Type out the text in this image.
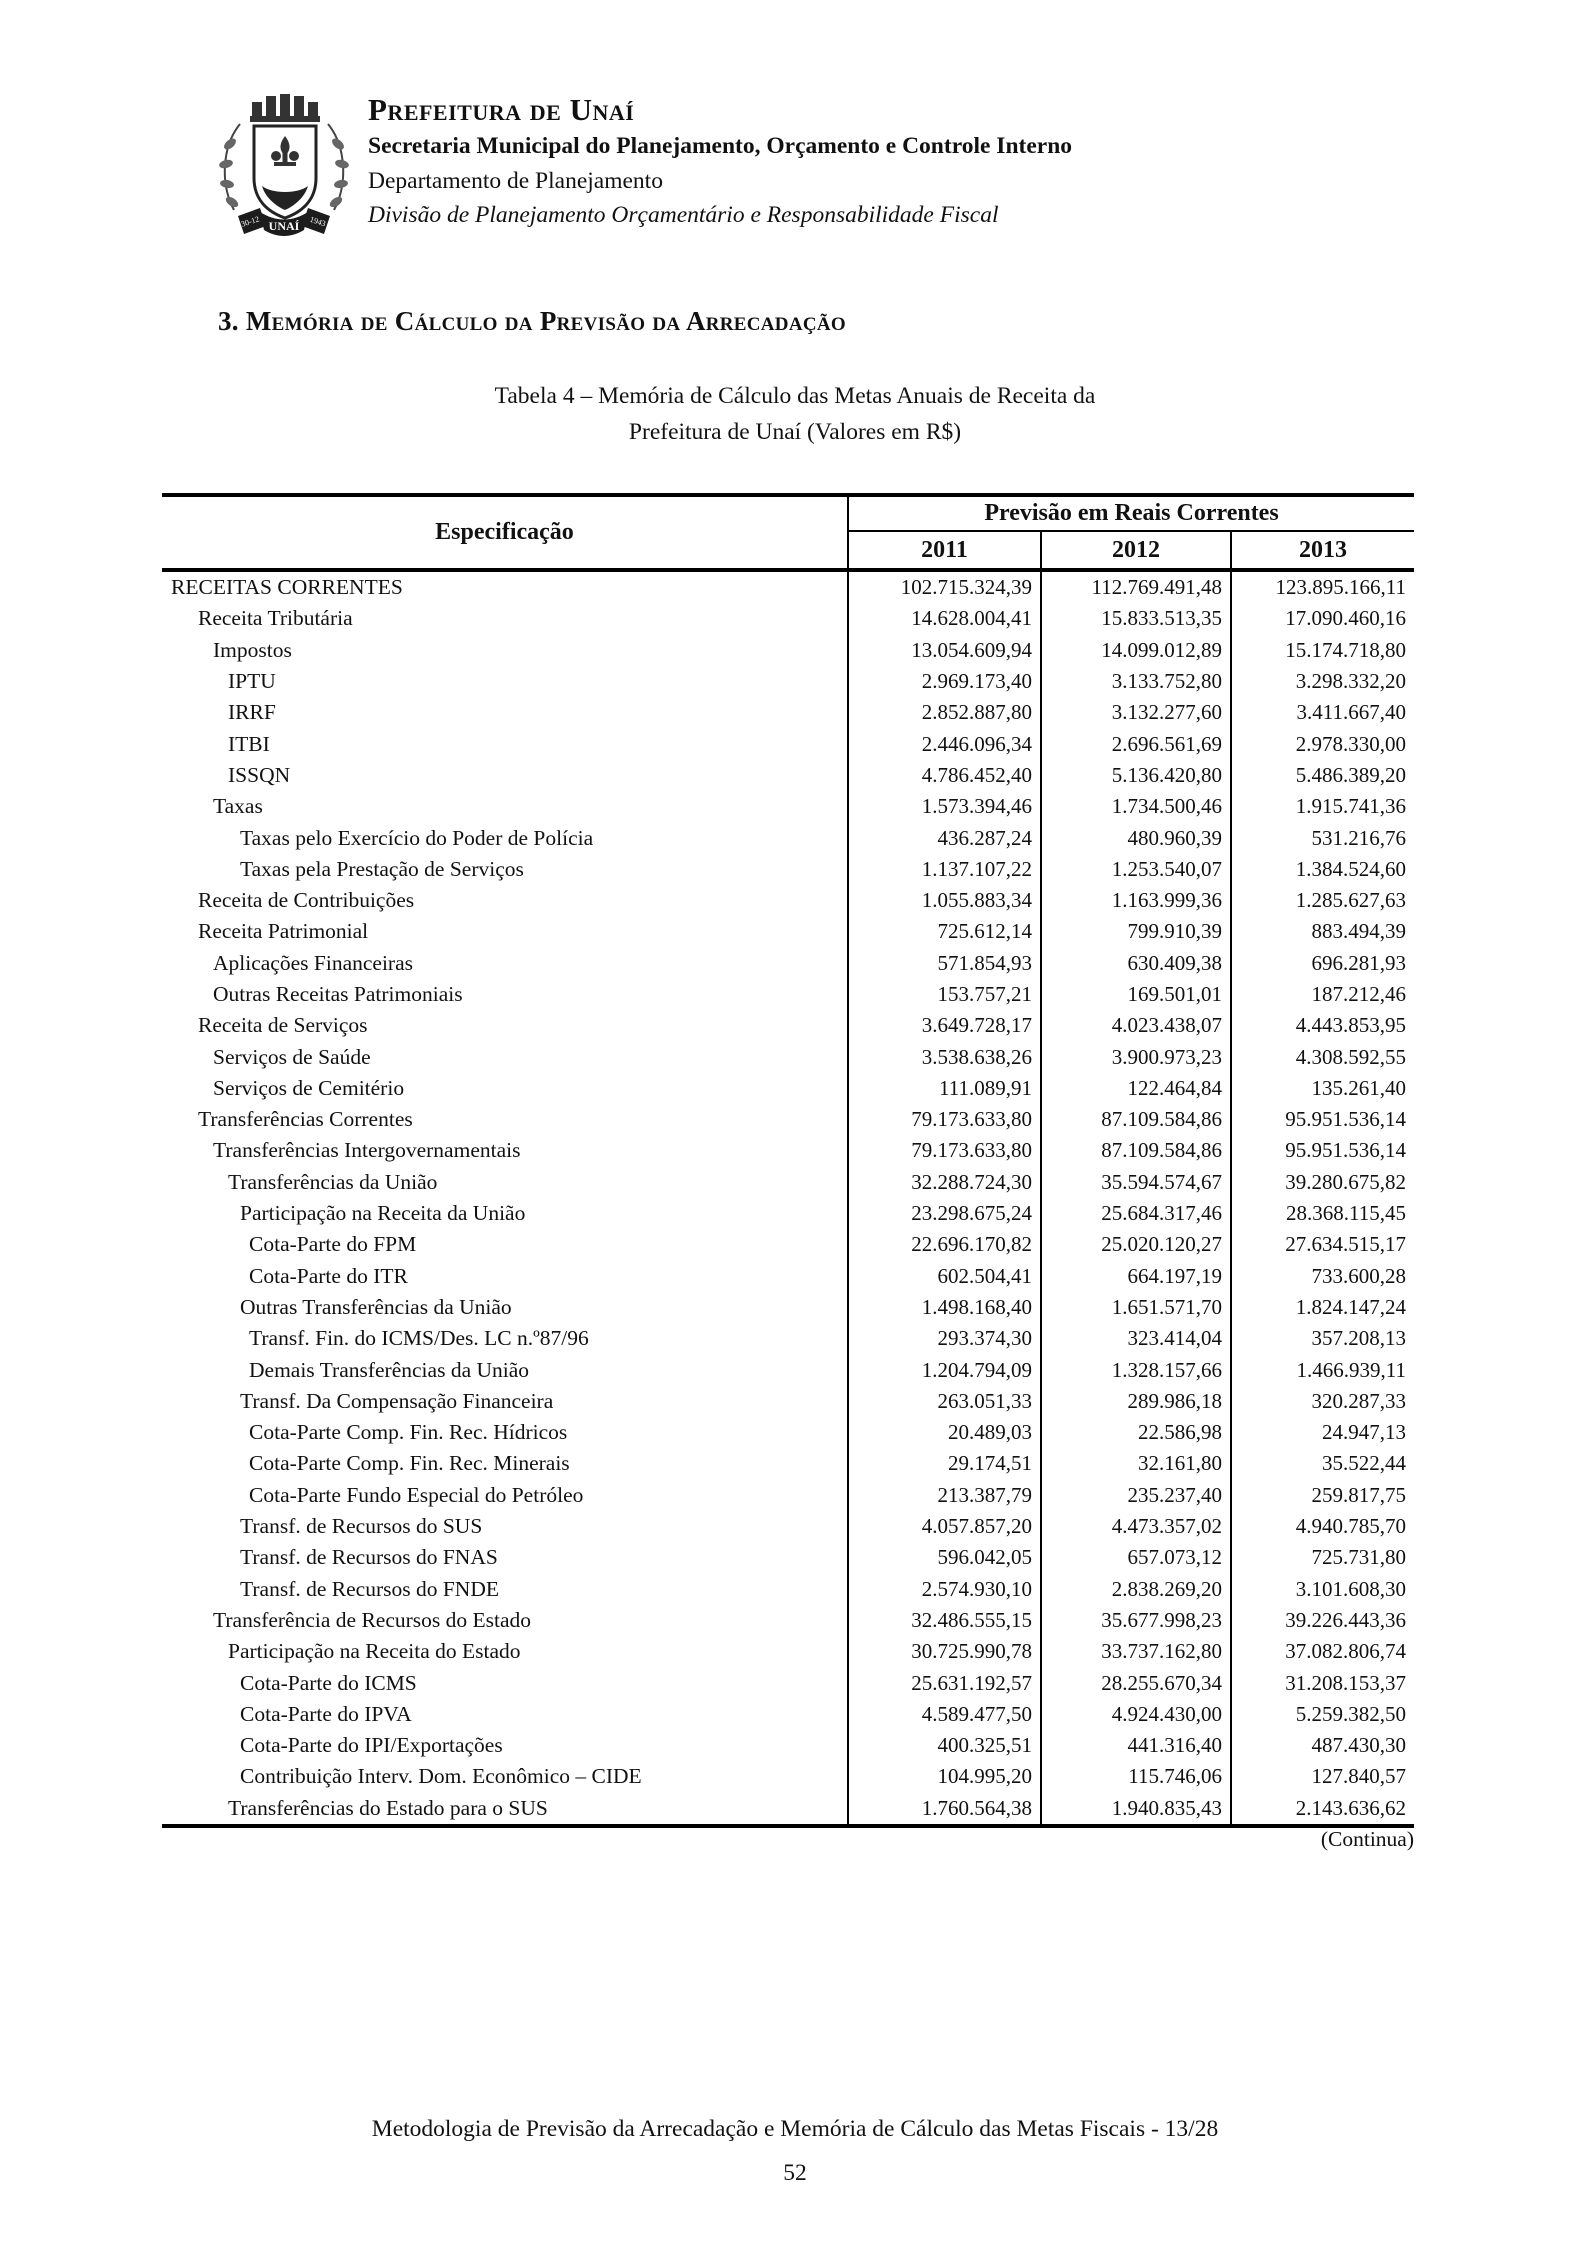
UNAÍ
30-12	1943
Prefeitura de Unaí
Secretaria Municipal do Planejamento, Orçamento e Controle Interno
Departamento de Planejamento
Divisão de Planejamento Orçamentário e Responsabilidade Fiscal
3. Memória de Cálculo da Previsão da Arrecadação
Tabela 4 – Memória de Cálculo das Metas Anuais de Receita da
Prefeitura de Unaí (Valores em R$)
Especificação	Previsão em Reais Correntes		
	2011	2012	2013
RECEITAS CORRENTES	102.715.324,39	112.769.491,48	123.895.166,11
Receita Tributária	14.628.004,41	15.833.513,35	17.090.460,16
Impostos	13.054.609,94	14.099.012,89	15.174.718,80
IPTU	2.969.173,40	3.133.752,80	3.298.332,20
IRRF	2.852.887,80	3.132.277,60	3.411.667,40
ITBI	2.446.096,34	2.696.561,69	2.978.330,00
ISSQN	4.786.452,40	5.136.420,80	5.486.389,20
Taxas	1.573.394,46	1.734.500,46	1.915.741,36
Taxas pelo Exercício do Poder de Polícia	436.287,24	480.960,39	531.216,76
Taxas pela Prestação de Serviços	1.137.107,22	1.253.540,07	1.384.524,60
Receita de Contribuições	1.055.883,34	1.163.999,36	1.285.627,63
Receita Patrimonial	725.612,14	799.910,39	883.494,39
Aplicações Financeiras	571.854,93	630.409,38	696.281,93
Outras Receitas Patrimoniais	153.757,21	169.501,01	187.212,46
Receita de Serviços	3.649.728,17	4.023.438,07	4.443.853,95
Serviços de Saúde	3.538.638,26	3.900.973,23	4.308.592,55
Serviços de Cemitério	111.089,91	122.464,84	135.261,40
Transferências Correntes	79.173.633,80	87.109.584,86	95.951.536,14
Transferências Intergovernamentais	79.173.633,80	87.109.584,86	95.951.536,14
Transferências da União	32.288.724,30	35.594.574,67	39.280.675,82
Participação na Receita da União	23.298.675,24	25.684.317,46	28.368.115,45
Cota-Parte do FPM	22.696.170,82	25.020.120,27	27.634.515,17
Cota-Parte do ITR	602.504,41	664.197,19	733.600,28
Outras Transferências da União	1.498.168,40	1.651.571,70	1.824.147,24
Transf. Fin. do ICMS/Des. LC n.º87/96	293.374,30	323.414,04	357.208,13
Demais Transferências da União	1.204.794,09	1.328.157,66	1.466.939,11
Transf. Da Compensação Financeira	263.051,33	289.986,18	320.287,33
Cota-Parte Comp. Fin. Rec. Hídricos	20.489,03	22.586,98	24.947,13
Cota-Parte Comp. Fin. Rec. Minerais	29.174,51	32.161,80	35.522,44
Cota-Parte Fundo Especial do Petróleo	213.387,79	235.237,40	259.817,75
Transf. de Recursos do SUS	4.057.857,20	4.473.357,02	4.940.785,70
Transf. de Recursos do FNAS	596.042,05	657.073,12	725.731,80
Transf. de Recursos do FNDE	2.574.930,10	2.838.269,20	3.101.608,30
Transferência de Recursos do Estado	32.486.555,15	35.677.998,23	39.226.443,36
Participação na Receita do Estado	30.725.990,78	33.737.162,80	37.082.806,74
Cota-Parte do ICMS	25.631.192,57	28.255.670,34	31.208.153,37
Cota-Parte do IPVA	4.589.477,50	4.924.430,00	5.259.382,50
Cota-Parte do IPI/Exportações	400.325,51	441.316,40	487.430,30
Contribuição Interv. Dom. Econômico – CIDE	104.995,20	115.746,06	127.840,57
Transferências do Estado para o SUS	1.760.564,38	1.940.835,43	2.143.636,62
(Continua)
Metodologia de Previsão da Arrecadação e Memória de Cálculo das Metas Fiscais - 13/28
52
